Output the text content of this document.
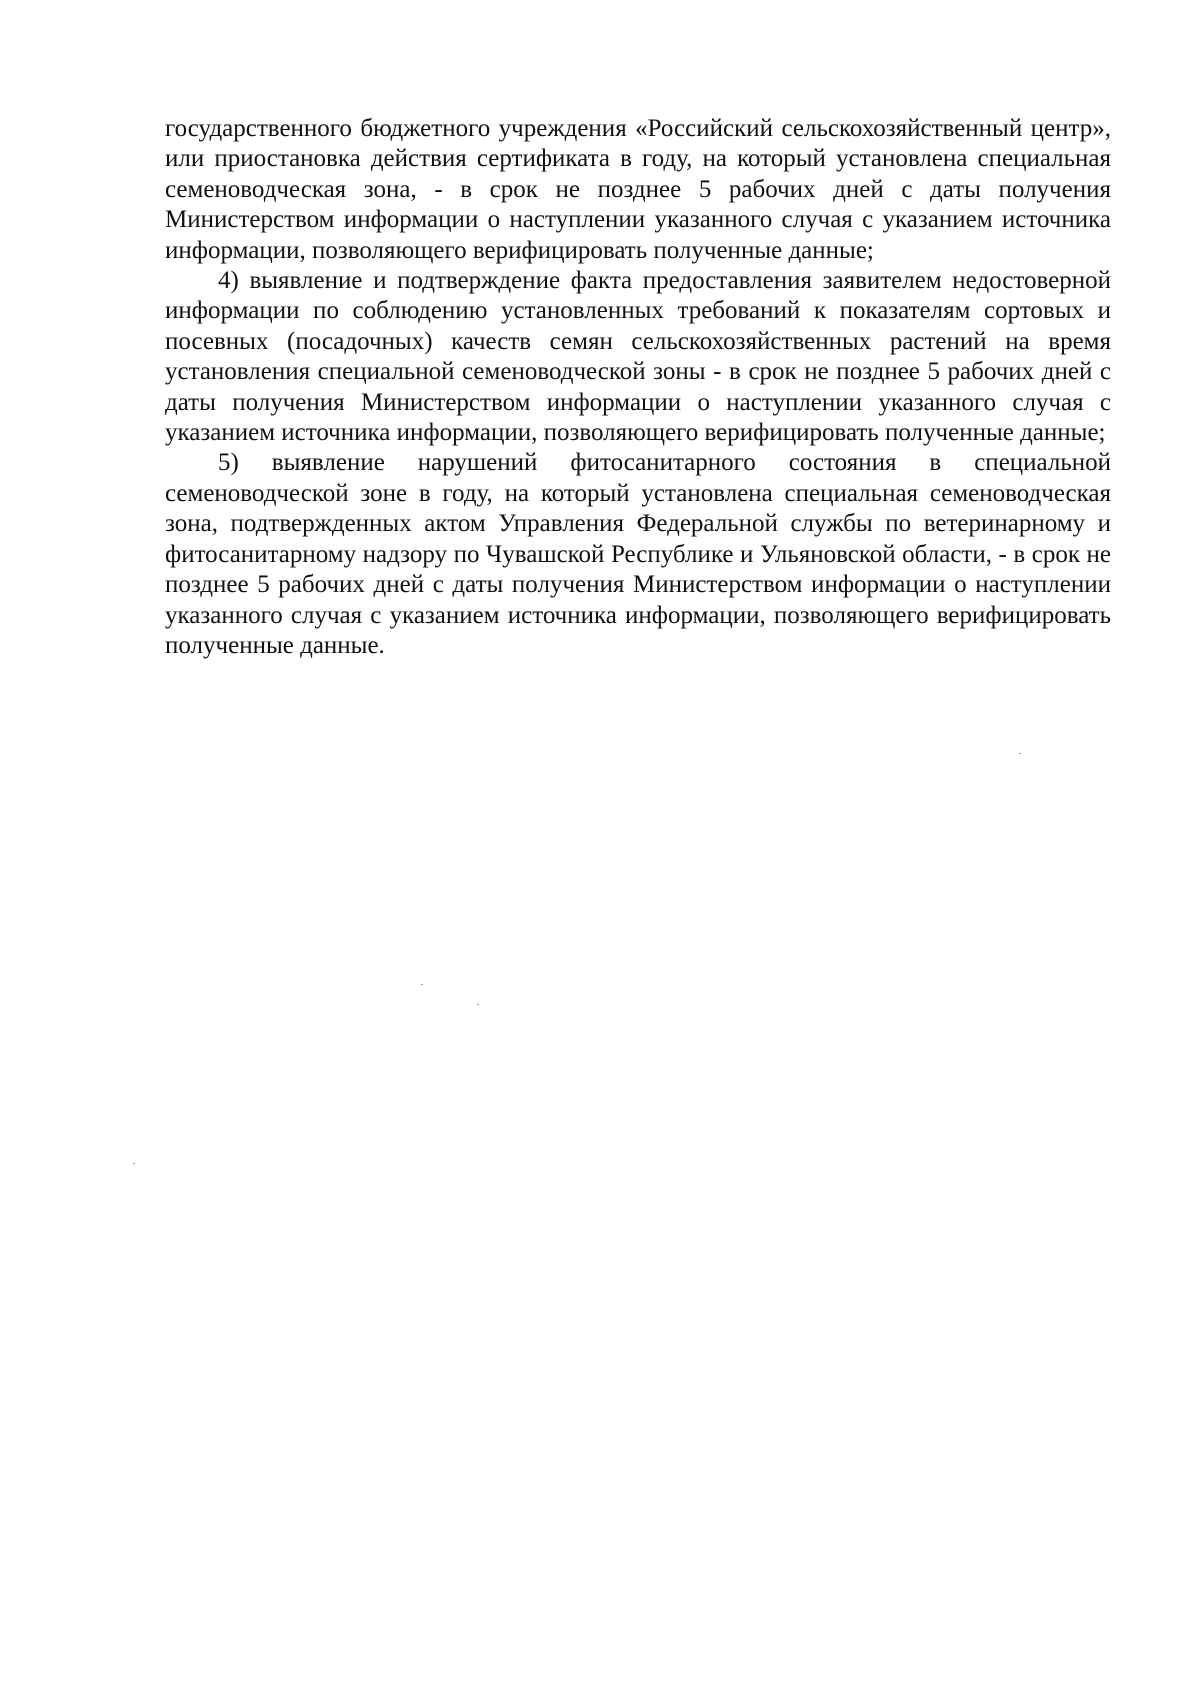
государственного бюджетного учреждения «Российский сельскохозяйственный центр», или приостановка действия сертификата в году, на который установлена специальная семеноводческая зона, - в срок не позднее 5 рабочих дней с даты получения Министерством информации о наступлении указанного случая с указанием источника информации, позволяющего верифицировать полученные данные;

4) выявление и подтверждение факта предоставления заявителем недостоверной информации по соблюдению установленных требований к показателям сортовых и посевных (посадочных) качеств семян сельскохозяйственных растений на время установления специальной семеноводческой зоны - в срок не позднее 5 рабочих дней с даты получения Министерством информации о наступлении указанного случая с указанием источника информации, позволяющего верифицировать полученные данные;

5) выявление нарушений фитосанитарного состояния в специальной семеноводческой зоне в году, на который установлена специальная семеноводческая зона, подтвержденных актом Управления Федеральной службы по ветеринарному и фитосанитарному надзору по Чувашской Республике и Ульяновской области, - в срок не позднее 5 рабочих дней с даты получения Министерством информации о наступлении указанного случая с указанием источника информации, позволяющего верифицировать полученные данные.
